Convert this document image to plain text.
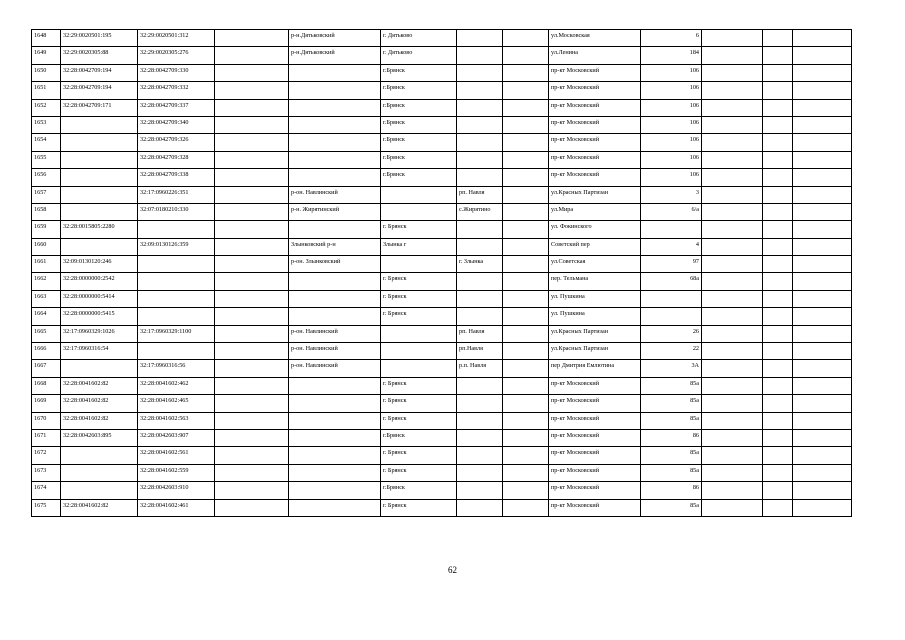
1648	32:29:0020501:195	32:29:0020501:312		р-н.Дятьковский	г. Дятьково			ул.Московская	6			
1649	32:29:0020305:88	32:29:0020305:276		р-н.Дятьковский	г. Дятьково			ул.Ленина	184			
1650	32:28:0042709:194	32:28:0042709:330			г.Брянск			пр-кт Московский	106			
1651	32:28:0042709:194	32:28:0042709:332			г.Брянск			пр-кт Московский	106			
1652	32:28:0042709:171	32:28:0042709:337			г.Брянск			пр-кт Московский	106			
1653		32:28:0042709:340			г.Брянск			пр-кт Московский	106			
1654		32:28:0042709:326			г.Брянск			пр-кт Московский	106			
1655		32:28:0042709:328			г.Брянск			пр-кт Московский	106			
1656		32:28:0042709:338			г.Брянск			пр-кт Московский	106			
1657		32:17:0960226:351		р-он. Навлинский		рп. Навля		ул.Красных Партизан	3			
1658		32:07:0180210:330		р-н. Жирятинский		с.Жирятино		ул.Мира	6/а			
1659	32:28:0015805:2280				г. Брянск			ул. Фокинского				
1660		32:09:0130126:359		Злынковский р-н	Злынка г			Советский пер	4			
1661	32:09:0130120:246			р-он. Злынковский		г. Злынка		ул.Советская	97			
1662	32:28:0000000:2542				г. Брянск			пер. Тельмана	68а			
1663	32:28:0000000:5414				г. Брянск			ул. Пушкина				
1664	32:28:0000000:5415				г. Брянск			ул. Пушкина				
1665	32:17:0960329:1026	32:17:0960329:1100		р-он. Навлинский		рп. Навля		ул.Красных Партизан	26			
1666	32:17:0960316:54			р-он. Навлинский		рп.Навля		ул.Красных Партизан	22			
1667		32:17:0960316:56		р-он. Навлинский		р.п. Навля		пер Дмитрия Емлютина	3А			
1668	32:28:0041602:82	32:28:0041602:462			г. Брянск			пр-кт Московский	85а			
1669	32:28:0041602:82	32:28:0041602:465			г. Брянск			пр-кт Московский	85а			
1670	32:28:0041602:82	32:28:0041602:563			г. Брянск			пр-кт Московский	85а			
1671	32:28:0042603:895	32:28:0042603:907			г.Брянск			пр-кт Московский	86			
1672		32:28:0041602:561			г. Брянск			пр-кт Московский	85а			
1673		32:28:0041602:559			г. Брянск			пр-кт Московский	85а			
1674		32:28:0042603:910			г.Брянск			пр-кт Московский	86			
1675	32:28:0041602:82	32:28:0041602:461			г. Брянск			пр-кт Московский	85а			
62
